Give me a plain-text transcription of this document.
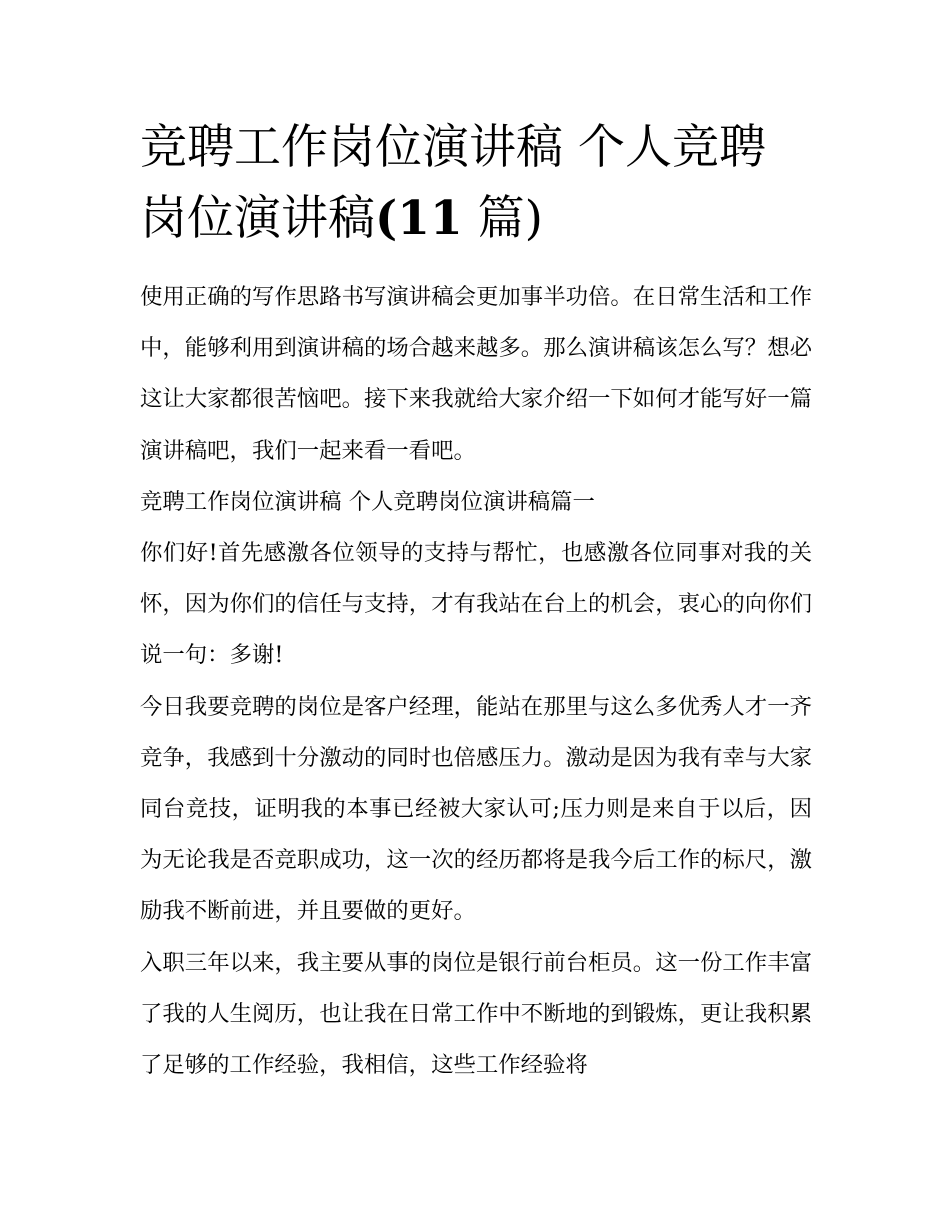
竞聘工作岗位演讲稿 个人竞聘
岗位演讲稿(11 篇)

使用正确的写作思路书写演讲稿会更加事半功倍。在日常生活和工作中，能够利用到演讲稿的场合越来越多。那么演讲稿该怎么写？想必这让大家都很苦恼吧。接下来我就给大家介绍一下如何才能写好一篇演讲稿吧，我们一起来看一看吧。

竞聘工作岗位演讲稿 个人竞聘岗位演讲稿篇一

你们好!首先感激各位领导的支持与帮忙，也感激各位同事对我的关怀，因为你们的信任与支持，才有我站在台上的机会，衷心的向你们说一句：多谢!

今日我要竞聘的岗位是客户经理，能站在那里与这么多优秀人才一齐竞争，我感到十分激动的同时也倍感压力。激动是因为我有幸与大家同台竞技，证明我的本事已经被大家认可;压力则是来自于以后，因为无论我是否竞职成功，这一次的经历都将是我今后工作的标尺，激励我不断前进，并且要做的更好。

入职三年以来，我主要从事的岗位是银行前台柜员。这一份工作丰富了我的人生阅历，也让我在日常工作中不断地的到锻炼，更让我积累了足够的工作经验，我相信，这些工作经验将
